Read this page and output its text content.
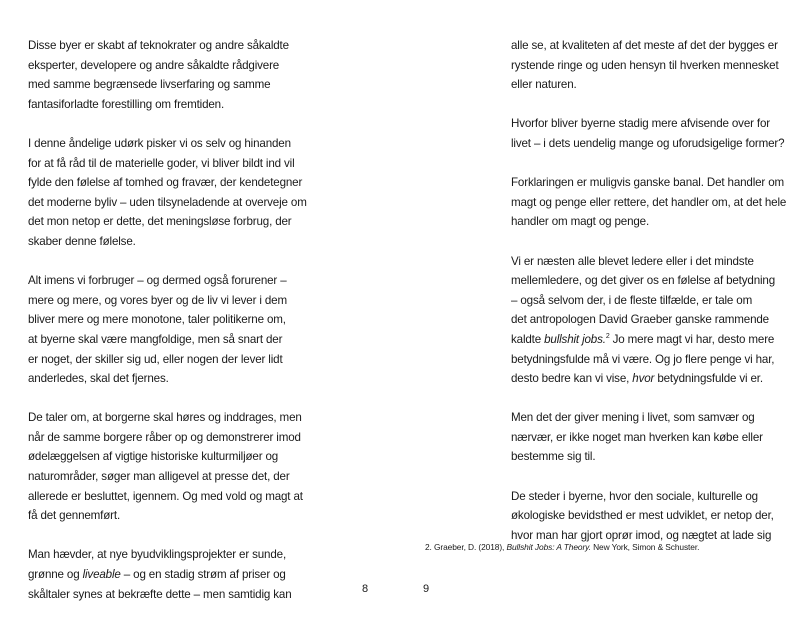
Disse byer er skabt af teknokrater og andre såkaldte
eksperter, developere og andre såkaldte rådgivere
med samme begrænsede livserfaring og samme
fantasiforladte forestilling om fremtiden.

I denne åndelige udørk pisker vi os selv og hinanden
for at få råd til de materielle goder, vi bliver bildt ind vil
fylde den følelse af tomhed og fravær, der kendetegner
det moderne byliv – uden tilsyneladende at overveje om
det mon netop er dette, det meningsløse forbrug, der
skaber denne følelse.

Alt imens vi forbruger – og dermed også forurener –
mere og mere, og vores byer og de liv vi lever i dem
bliver mere og mere monotone, taler politikerne om,
at byerne skal være mangfoldige, men så snart der
er noget, der skiller sig ud, eller nogen der lever lidt
anderledes, skal det fjernes.

De taler om, at borgerne skal høres og inddrages, men
når de samme borgere råber op og demonstrerer imod
ødelæggelsen af vigtige historiske kulturmiljøer og
naturområder, søger man alligevel at presse det, der
allerede er besluttet, igennem. Og med vold og magt at
få det gennemført.

Man hævder, at nye byudviklingsprojekter er sunde,
grønne og liveable – og en stadig strøm af priser og
skåltaler synes at bekræfte dette – men samtidig kan	8

alle se, at kvaliteten af det meste af det der bygges er
rystende ringe og uden hensyn til hverken mennesket
eller naturen.

Hvorfor bliver byerne stadig mere afvisende over for
livet – i dets uendelig mange og uforudsigelige former?

Forklaringen er muligvis ganske banal. Det handler om
magt og penge eller rettere, det handler om, at det hele
handler om magt og penge.

Vi er næsten alle blevet ledere eller i det mindste
mellemledere, og det giver os en følelse af betydning
– også selvom der, i de fleste tilfælde, er tale om
det antropologen David Graeber ganske rammende
kaldte bullshit jobs.$^2$ Jo mere magt vi har, desto mere
betydningsfulde må vi være. Og jo flere penge vi har,
desto bedre kan vi vise, hvor betydningsfulde vi er.

Men det der giver mening i livet, som samvær og
nærvær, er ikke noget man hverken kan købe eller
bestemme sig til.

De steder i byerne, hvor den sociale, kulturelle og
økologiske bevidsthed er mest udviklet, er netop der,
hvor man har gjort oprør imod, og nægtet at lade sig

2. Graeber, D. (2018), Bullshit Jobs: A Theory. New York, Simon & Schuster.
9
